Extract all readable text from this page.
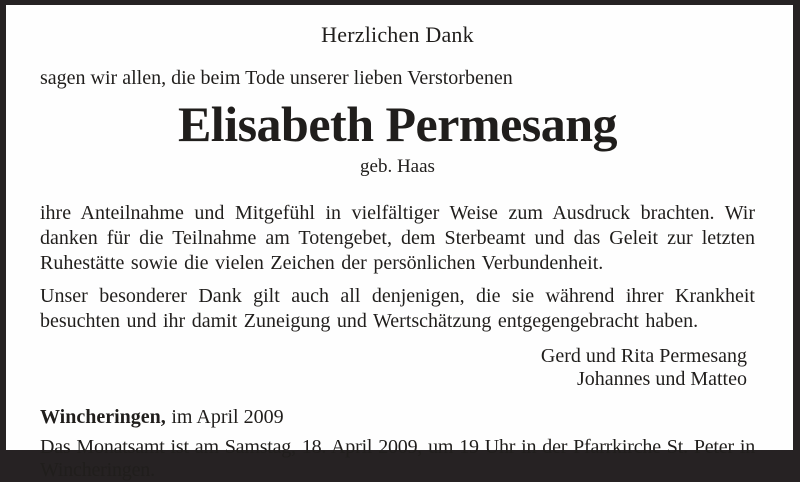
Herzlichen Dank
sagen wir allen, die beim Tode unserer lieben Verstorbenen
Elisabeth Permesang
geb. Haas

ihre Anteilnahme und Mitgefühl in vielfältiger Weise zum Ausdruck brachten. Wir danken für die Teilnahme am Totengebet, dem Sterbeamt und das Geleit zur letzten Ruhestätte sowie die vielen Zeichen der persönlichen Verbundenheit.

Unser besonderer Dank gilt auch all denjenigen, die sie während ihrer Krankheit besuchten und ihr damit Zuneigung und Wertschätzung entgegengebracht haben.

Gerd und Rita Permesang
Johannes und Matteo
Wincheringen, im April 2009

Das Monatsamt ist am Samstag, 18. April 2009, um 19 Uhr in der Pfarrkirche St. Peter in Wincheringen.
